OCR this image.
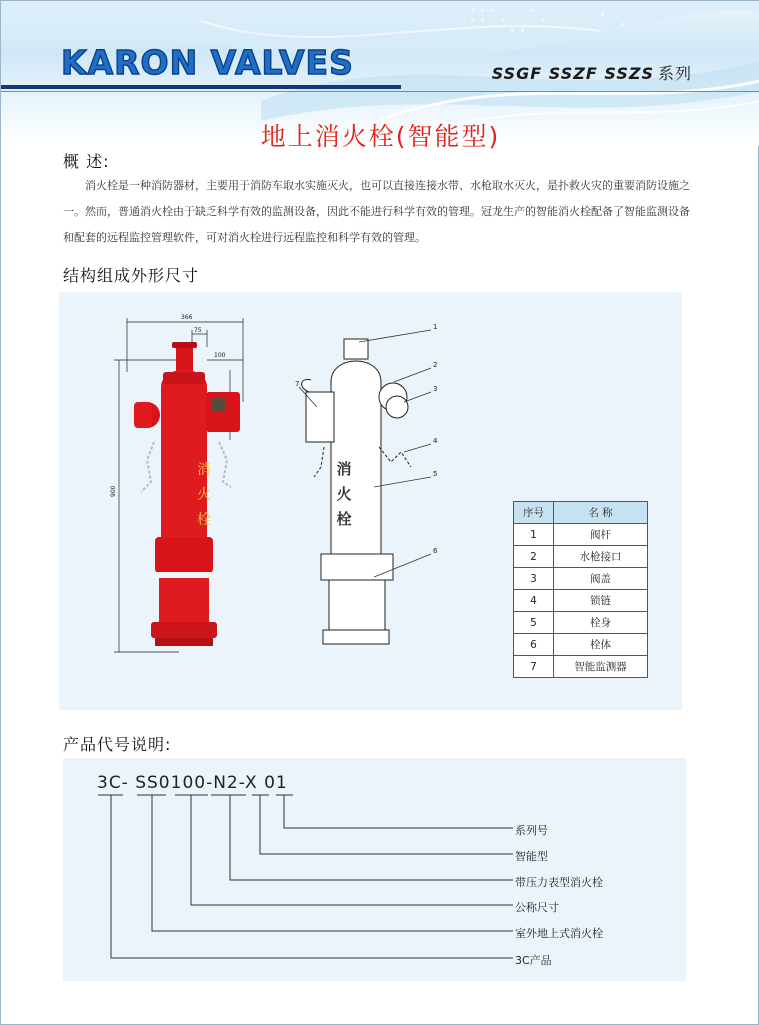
KARON VALVES	SSGF SSZF SSZS 系列
地上消火栓(智能型)
概 述:

消火栓是一种消防器材，主要用于消防车取水实施灭火，也可以直接连接水带、水枪取水灭火，是扑救火灾的重要消防设施之一。然而，普通消火栓由于缺乏科学有效的监测设备，因此不能进行科学有效的管理。冠龙生产的智能消火栓配备了智能监测设备和配套的远程监控管理软件，可对消火栓进行远程监控和科学有效的管理。

结构组成外形尺寸
366
75
100
900
消
火
栓
消
火
栓
1
2
3
4
5
6
7
序号	名 称
1	阀杆
2	水枪接口
3	阀盖
4	锁链
5	栓身
6	栓体
7	智能监测器
产品代号说明:
3C- SS0100-N2-X 01
系列号
智能型
带压力表型消火栓
公称尺寸
室外地上式消火栓
3C产品
